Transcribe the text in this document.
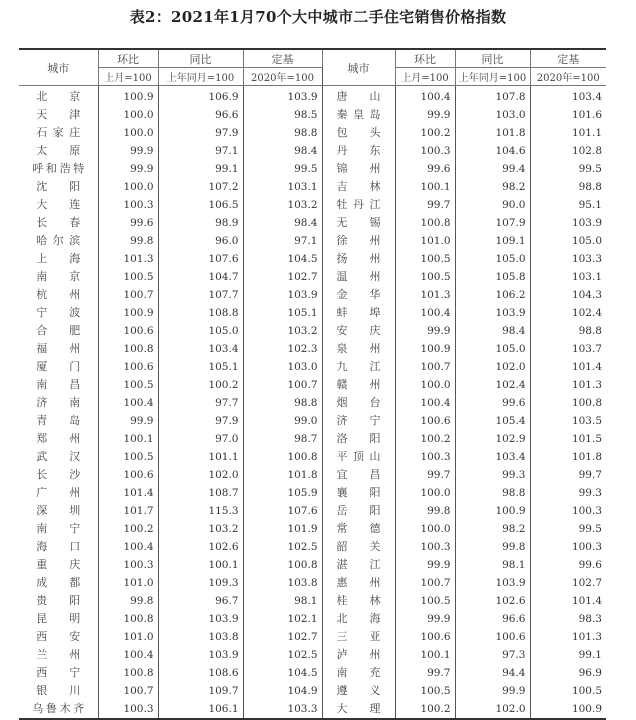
表2：2021年1月70个大中城市二手住宅销售价格指数
城市	环比	同比	定基	城市	环比	同比	定基
	上月=100	上年同月=100	2020年=100		上月=100	上年同月=100	2020年=100
北京	100.9	106.9	103.9	唐山	100.4	107.8	103.4
天津	100.0	96.6	98.5	秦皇岛	99.9	103.0	101.6
石家庄	100.0	97.9	98.8	包头	100.2	101.8	101.1
太原	99.9	97.1	98.4	丹东	100.3	104.6	102.8
呼和浩特	99.9	99.1	99.5	锦州	99.6	99.4	99.5
沈阳	100.0	107.2	103.1	吉林	100.1	98.2	98.8
大连	100.3	106.5	103.2	牡丹江	99.7	90.0	95.1
长春	99.6	98.9	98.4	无锡	100.8	107.9	103.9
哈尔滨	99.8	96.0	97.1	徐州	101.0	109.1	105.0
上海	101.3	107.6	104.5	扬州	100.5	105.0	103.3
南京	100.5	104.7	102.7	温州	100.5	105.8	103.1
杭州	100.7	107.7	103.9	金华	101.3	106.2	104.3
宁波	100.9	108.8	105.1	蚌埠	100.4	103.9	102.4
合肥	100.6	105.0	103.2	安庆	99.9	98.4	98.8
福州	100.8	103.4	102.3	泉州	100.9	105.0	103.7
厦门	100.6	105.1	103.0	九江	100.7	102.0	101.4
南昌	100.5	100.2	100.7	赣州	100.0	102.4	101.3
济南	100.4	97.7	98.8	烟台	100.4	99.6	100.8
青岛	99.9	97.9	99.0	济宁	100.6	105.4	103.5
郑州	100.1	97.0	98.7	洛阳	100.2	102.9	101.5
武汉	100.5	101.1	100.8	平顶山	100.3	103.4	101.8
长沙	100.6	102.0	101.8	宜昌	99.7	99.3	99.7
广州	101.4	108.7	105.9	襄阳	100.0	98.8	99.3
深圳	101.7	115.3	107.6	岳阳	99.8	100.9	100.3
南宁	100.2	103.2	101.9	常德	100.0	98.2	99.5
海口	100.4	102.6	102.5	韶关	100.3	99.8	100.3
重庆	100.3	100.1	100.8	湛江	99.9	98.1	99.6
成都	101.0	109.3	103.8	惠州	100.7	103.9	102.7
贵阳	99.8	96.7	98.1	桂林	100.5	102.6	101.4
昆明	100.8	103.9	102.1	北海	99.9	96.6	98.3
西安	101.0	103.8	102.7	三亚	100.6	100.6	101.3
兰州	100.4	103.9	102.5	泸州	100.1	97.3	99.1
西宁	100.8	108.6	104.5	南充	99.7	94.4	96.9
银川	100.7	109.7	104.9	遵义	100.5	99.9	100.5
乌鲁木齐	100.3	106.1	103.3	大理	100.2	102.0	100.9
